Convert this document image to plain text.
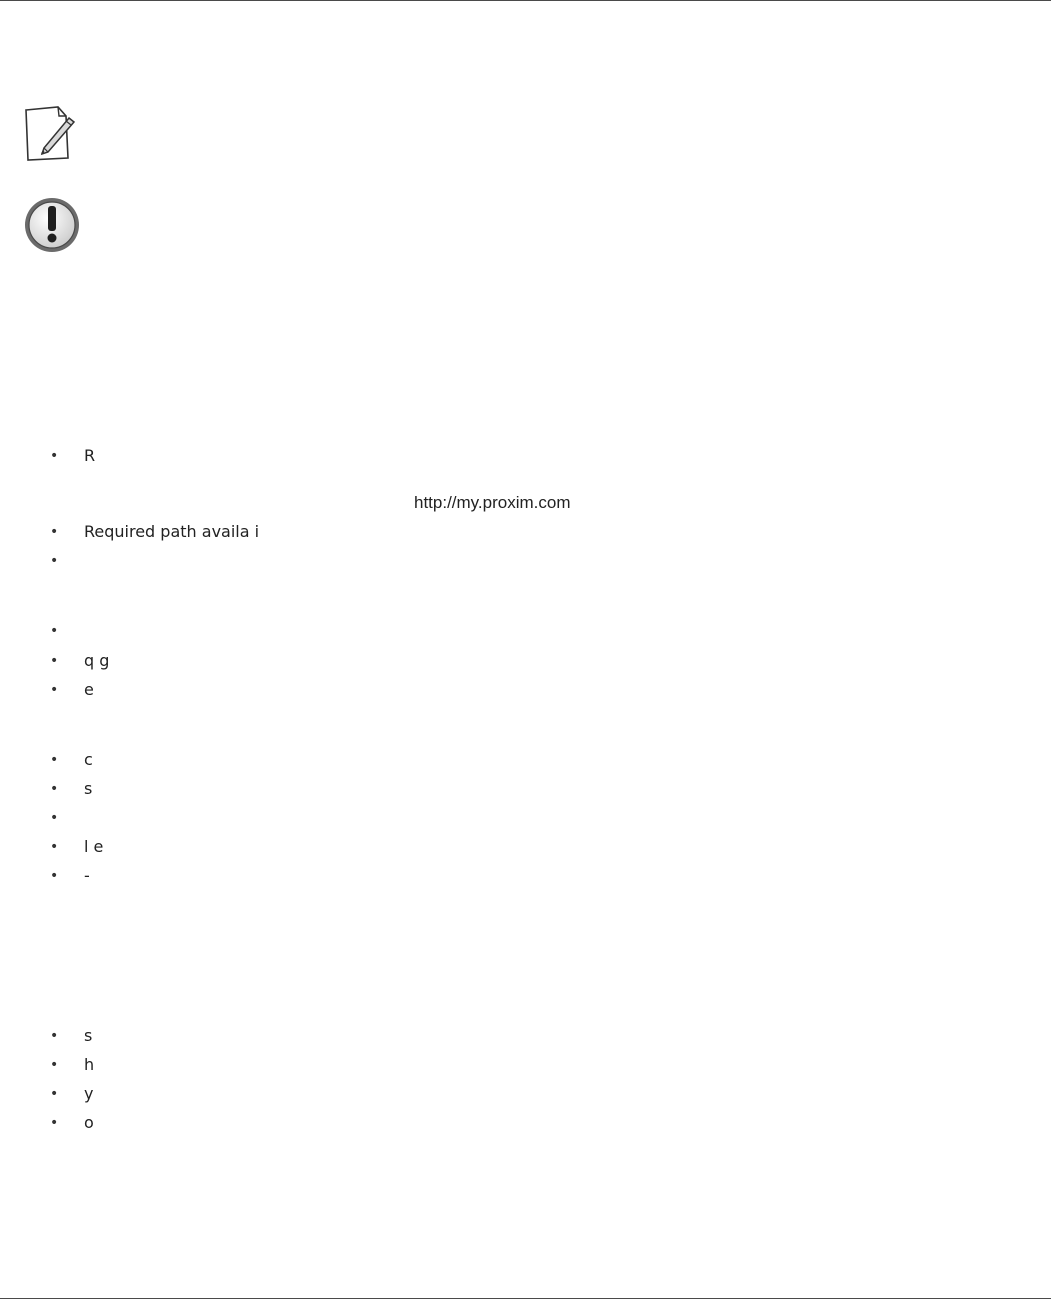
• R
• Required path availa i
•
http://my.proxim.com
•
• q g
• e
• c
• s
•
• l e
• -
• s
• h
• y
• o
